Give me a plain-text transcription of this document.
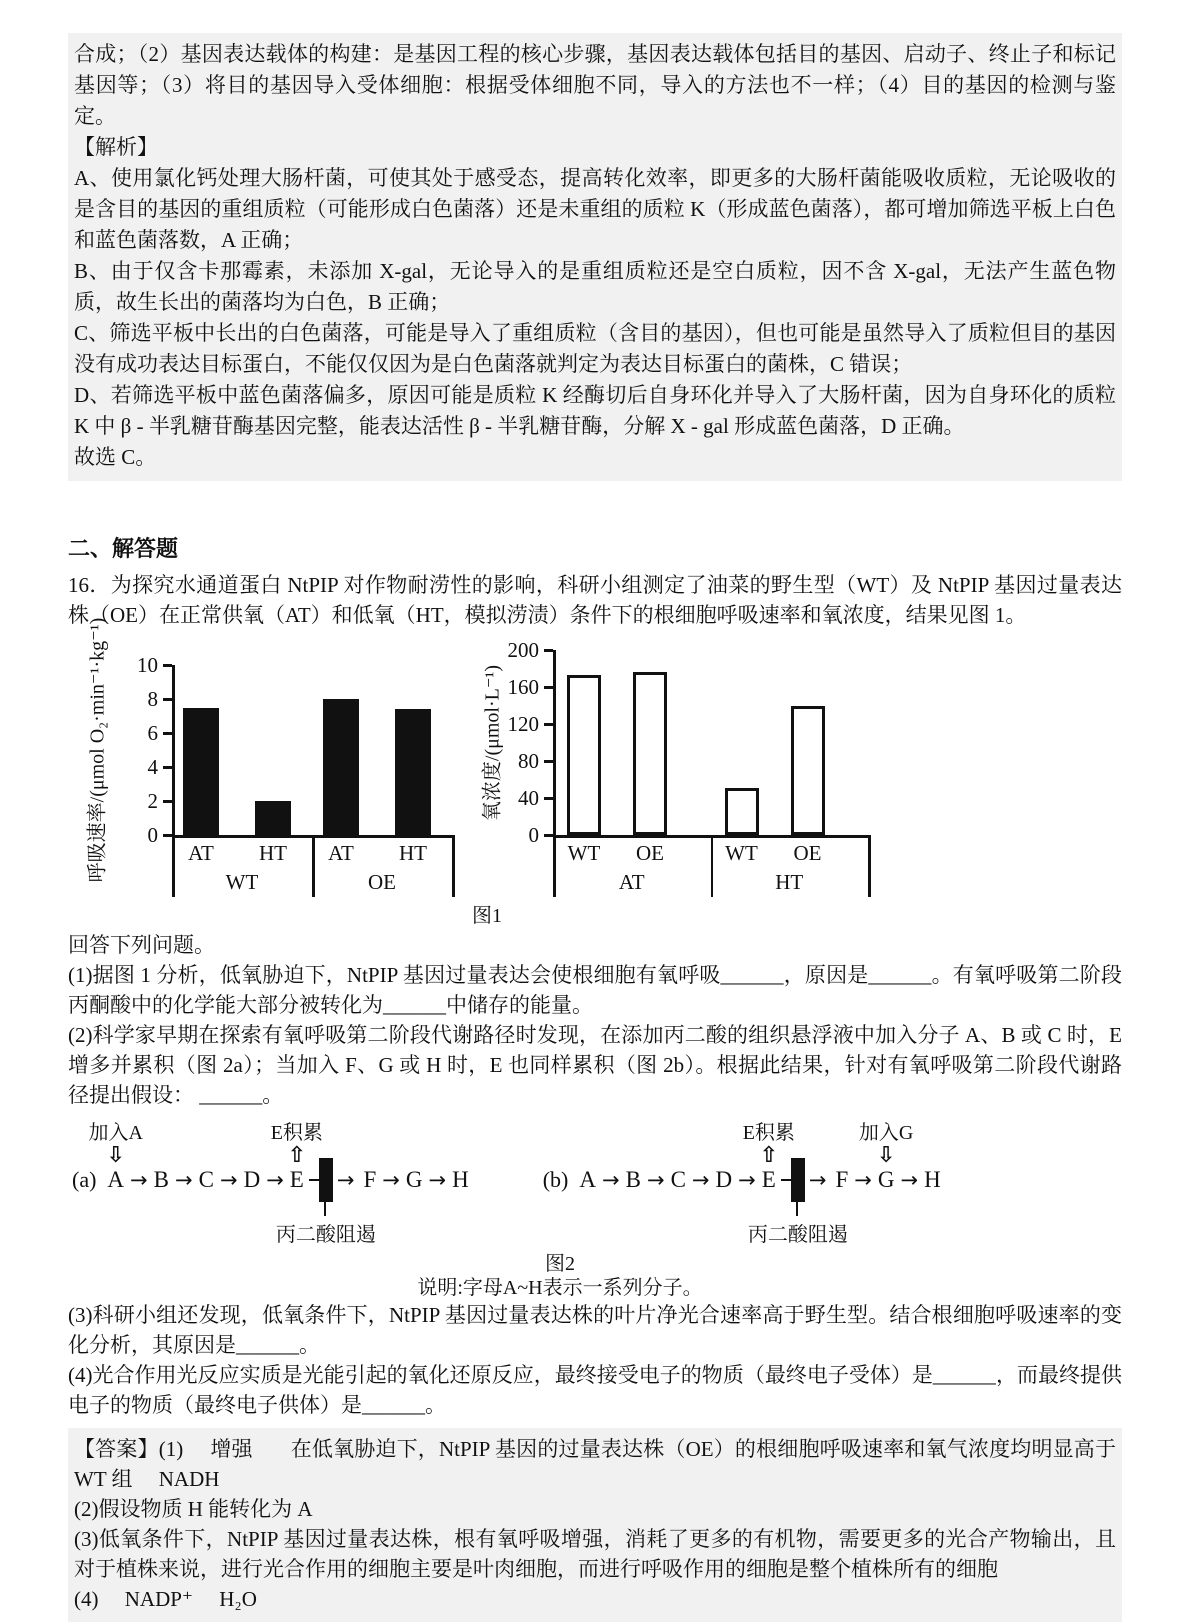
合成；（2）基因表达载体的构建：是基因工程的核心步骤，基因表达载体包括目的基因、启动子、终止子和标记基因等；（3）将目的基因导入受体细胞：根据受体细胞不同，导入的方法也不一样；（4）目的基因的检测与鉴定。

【解析】

A、使用氯化钙处理大肠杆菌，可使其处于感受态，提高转化效率，即更多的大肠杆菌能吸收质粒，无论吸收的是含目的基因的重组质粒（可能形成白色菌落）还是未重组的质粒 K（形成蓝色菌落），都可增加筛选平板上白色和蓝色菌落数，A 正确；

B、由于仅含卡那霉素，未添加 X-gal，无论导入的是重组质粒还是空白质粒，因不含 X-gal，无法产生蓝色物质，故生长出的菌落均为白色，B 正确；

C、筛选平板中长出的白色菌落，可能是导入了重组质粒（含目的基因），但也可能是虽然导入了质粒但目的基因没有成功表达目标蛋白，不能仅仅因为是白色菌落就判定为表达目标蛋白的菌株，C 错误；

D、若筛选平板中蓝色菌落偏多，原因可能是质粒 K 经酶切后自身环化并导入了大肠杆菌，因为自身环化的质粒 K 中 β - 半乳糖苷酶基因完整，能表达活性 β - 半乳糖苷酶，分解 X - gal 形成蓝色菌落，D 正确。

故选 C。

二、解答题

16．为探究水通道蛋白 NtPIP 对作物耐涝性的影响，科研小组测定了油菜的野生型（WT）及 NtPIP 基因过量表达株（OE）在正常供氧（AT）和低氧（HT，模拟涝渍）条件下的根细胞呼吸速率和氧浓度，结果见图 1。

呼吸速率/(μmol O₂·min⁻¹·kg⁻¹)	10
8
6
4
2
0
AT	HT	AT	HT
WT	OE
氧浓度/(μmol·L⁻¹)
200
160
120
80
40
0
WT	OE	WT	OE
AT	HT
图1

回答下列问题。

(1)据图 1 分析，低氧胁迫下，NtPIP 基因过量表达会使根细胞有氧呼吸______，原因是______。有氧呼吸第二阶段丙酮酸中的化学能大部分被转化为______中储存的能量。

(2)科学家早期在探索有氧呼吸第二阶段代谢路径时发现，在添加丙二酸的组织悬浮液中加入分子 A、B 或 C 时，E 增多并累积（图 2a）；当加入 F、G 或 H 时，E 也同样累积（图 2b）。根据此结果，针对有氧呼吸第二阶段代谢路径提出假设： ______。

(a) A
加入A
⇩
→ B → C → D → E
E积累
⇧
→
丙二酸阻遏
F → G → H	(b) A → B → C → D → E
E积累
⇧
→
丙二酸阻遏
F → G
加入G
⇩
→ H
图2
说明:字母A~H表示一系列分子。

(3)科研小组还发现，低氧条件下，NtPIP 基因过量表达株的叶片净光合速率高于野生型。结合根细胞呼吸速率的变化分析，其原因是______。

(4)光合作用光反应实质是光能引起的氧化还原反应，最终接受电子的物质（最终电子受体）是______，而最终提供电子的物质（最终电子供体）是______。

【答案】(1)     增强       在低氧胁迫下，NtPIP 基因的过量表达株（OE）的根细胞呼吸速率和氧气浓度均明显高于 WT 组     NADH

(2)假设物质 H 能转化为 A

(3)低氧条件下，NtPIP 基因过量表达株，根有氧呼吸增强，消耗了更多的有机物，需要更多的光合产物输出，且对于植株来说，进行光合作用的细胞主要是叶肉细胞，而进行呼吸作用的细胞是整个植株所有的细胞

(4)     NADP⁺     H₂O
